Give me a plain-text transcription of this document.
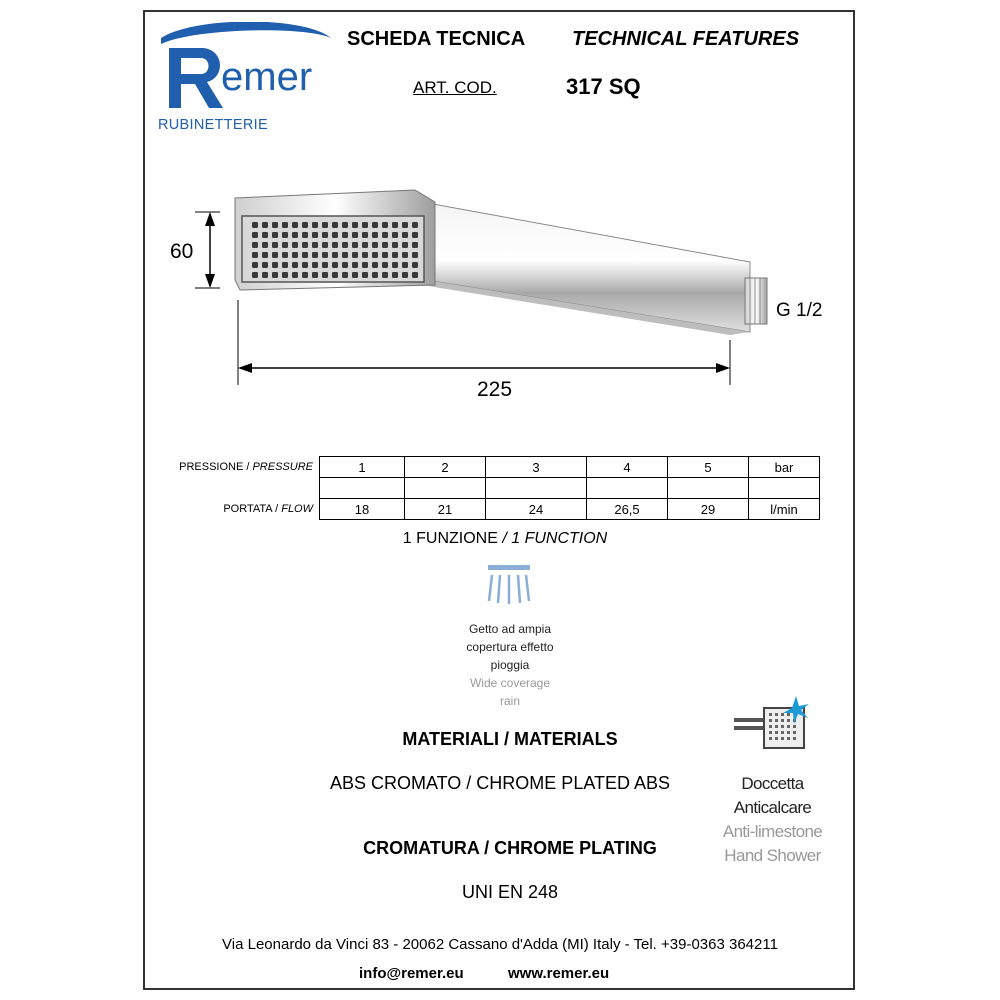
emer
RUBINETTERIE
SCHEDA TECNICA TECHNICAL FEATURES
ART. COD.	317 SQ
60
225
G 1/2
PRESSIONE / PRESSURE	1	2	3	4	5	bar

PORTATA / FLOW	18	21	24	26,5	29	l/min
1 FUNZIONE / 1 FUNCTION
Getto ad ampia
copertura effetto
pioggia
Wide coverage
rain
MATERIALI / MATERIALS
ABS CROMATO / CHROME PLATED ABS
CROMATURA / CHROME PLATING
UNI EN 248
Doccetta
Anticalcare
Anti-limestone
Hand Shower
Via Leonardo da Vinci 83 - 20062 Cassano d'Adda (MI) Italy - Tel. +39-0363 364211
info@remer.eu	www.remer.eu
